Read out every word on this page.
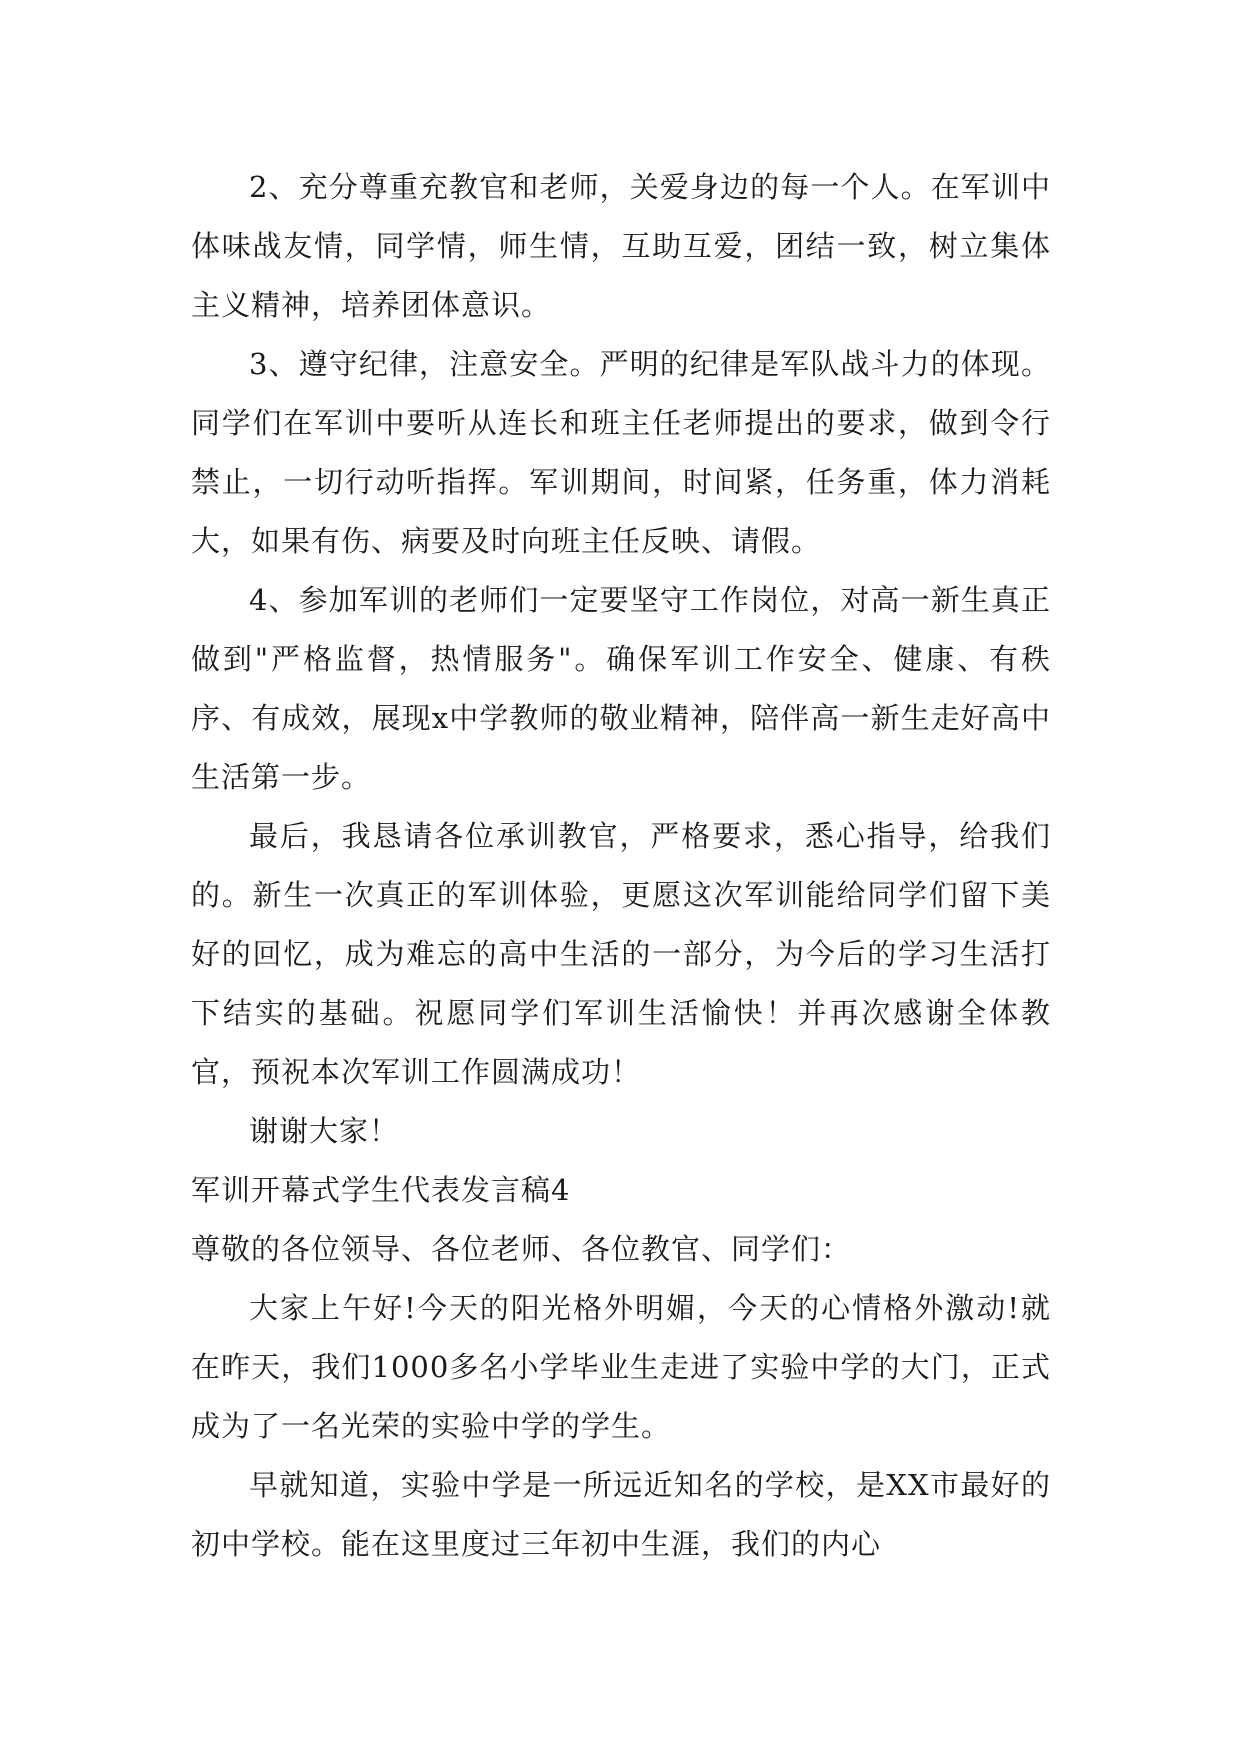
2、充分尊重充教官和老师，关爱身边的每一个人。在军训中体味战友情，同学情，师生情，互助互爱，团结一致，树立集体主义精神，培养团体意识。

3、遵守纪律，注意安全。严明的纪律是军队战斗力的体现。同学们在军训中要听从连长和班主任老师提出的要求，做到令行禁止，一切行动听指挥。军训期间，时间紧，任务重，体力消耗大，如果有伤、病要及时向班主任反映、请假。

4、参加军训的老师们一定要坚守工作岗位，对高一新生真正做到"严格监督，热情服务"。确保军训工作安全、健康、有秩序、有成效，展现x中学教师的敬业精神，陪伴高一新生走好高中生活第一步。

最后，我恳请各位承训教官，严格要求，悉心指导，给我们的。新生一次真正的军训体验，更愿这次军训能给同学们留下美好的回忆，成为难忘的高中生活的一部分，为今后的学习生活打下结实的基础。祝愿同学们军训生活愉快！并再次感谢全体教官，预祝本次军训工作圆满成功！

谢谢大家！

军训开幕式学生代表发言稿4

尊敬的各位领导、各位老师、各位教官、同学们：

大家上午好!今天的阳光格外明媚，今天的心情格外激动!就在昨天，我们1000多名小学毕业生走进了实验中学的大门，正式成为了一名光荣的实验中学的学生。

早就知道，实验中学是一所远近知名的学校，是XX市最好的初中学校。能在这里度过三年初中生涯，我们的内心
